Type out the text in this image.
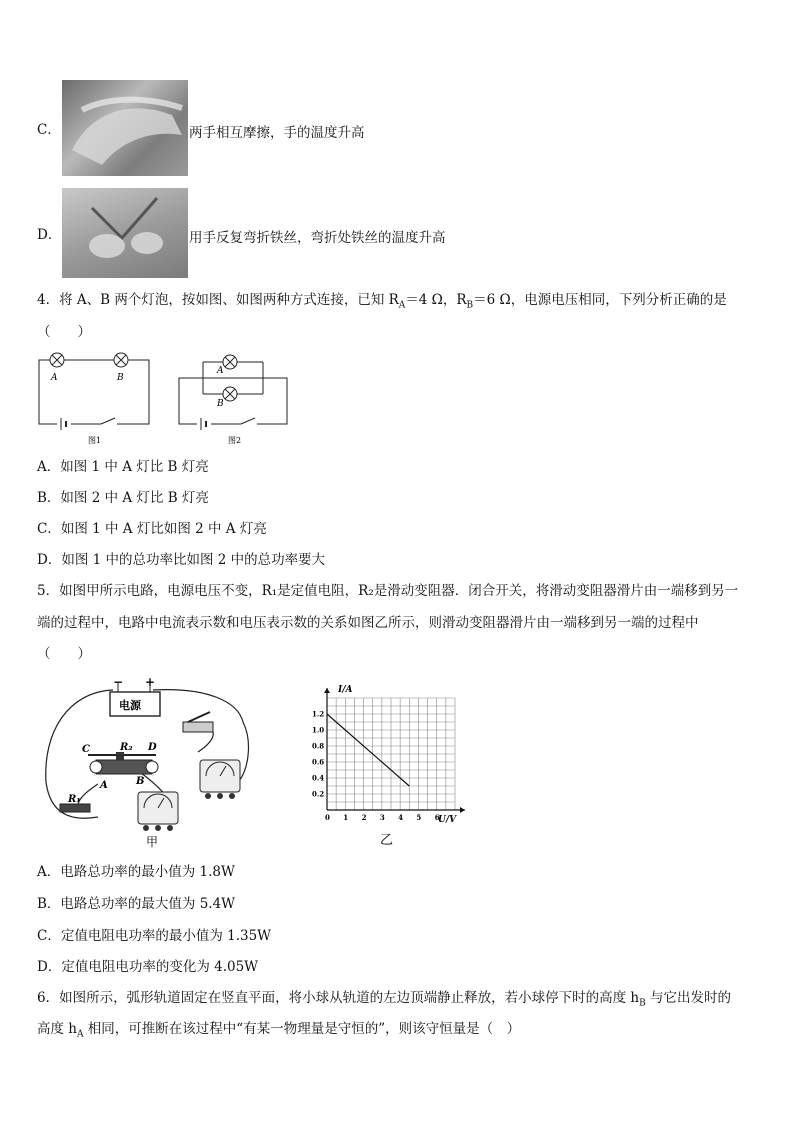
C．	两手相互摩擦，手的温度升高
D．	用手反复弯折铁丝，弯折处铁丝的温度升高
4．将 A、B 两个灯泡，按如图、如图两种方式连接，已知 $R_A=4$ Ω，$R_B=6$ Ω，电源电压相同，下列分析正确的是
（　　）
A	B
图1
A
B
图2
A．如图 1 中 A 灯比 B 灯亮
B．如图 2 中 A 灯比 B 灯亮
C．如图 1 中 A 灯比如图 2 中 A 灯亮
D．如图 1 中的总功率比如图 2 中的总功率要大
5．如图甲所示电路，电源电压不变，R₁是定值电阻，R₂是滑动变阻器．闭合开关，将滑动变阻器滑片由一端移到另一
端的过程中，电路中电流表示数和电压表示数的关系如图乙所示，则滑动变阻器滑片由一端移到另一端的过程中
（　　）
电源
− +
C	D
A	B
R₂
R₁
甲
0 1 2 3 4 5 6
0.2
0.4
0.6
0.8
1.0
1.2
I/A
U/V
乙
A．电路总功率的最小值为 1.8W
B．电路总功率的最大值为 5.4W
C．定值电阻电功率的最小值为 1.35W
D．定值电阻电功率的变化为 4.05W
6．如图所示，弧形轨道固定在竖直平面，将小球从轨道的左边顶端静止释放，若小球停下时的高度 $h_B$ 与它出发时的
高度 $h_A$ 相同，可推断在该过程中“有某一物理量是守恒的”，则该守恒量是（　）
